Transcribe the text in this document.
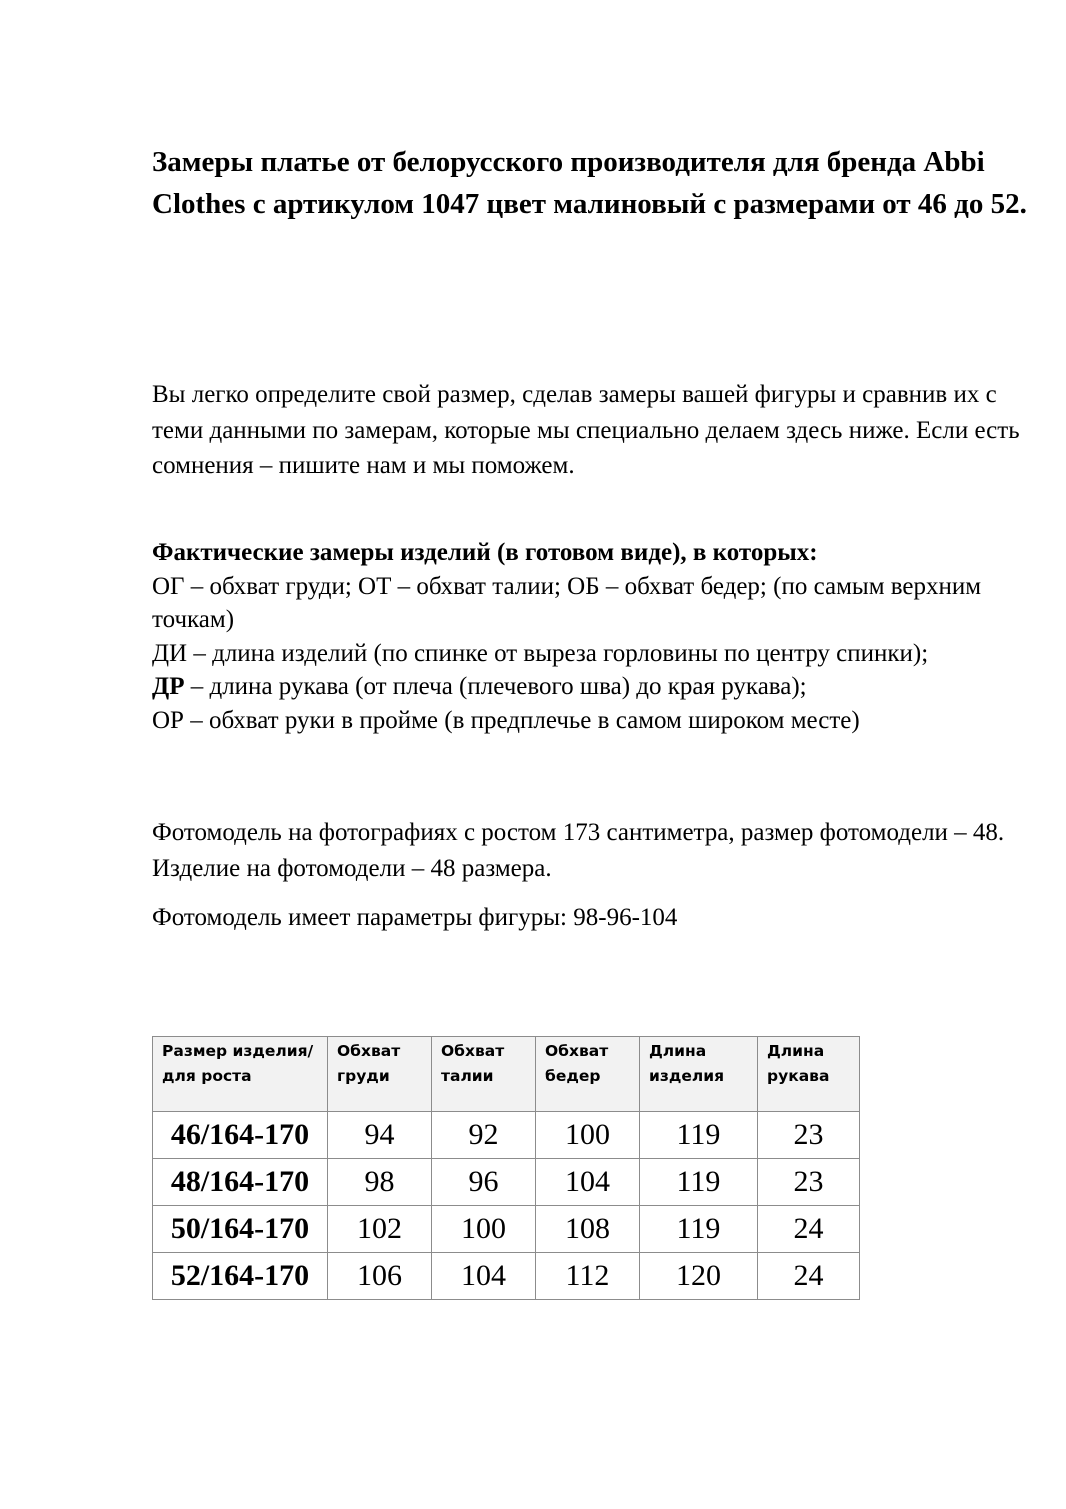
Замеры платье от белорусского производителя для бренда Abbi Clothes с артикулом 1047 цвет малиновый с размерами от 46 до 52.

Вы легко определите свой размер, сделав замеры вашей фигуры и сравнив их с теми данными по замерам, которые мы специально делаем здесь ниже. Если есть сомнения – пишите нам и мы поможем.

Фактические замеры изделий (в готовом виде), в которых:

ОГ – обхват груди; ОТ – обхват талии; ОБ – обхват бедер; (по самым верхним точкам)

ДИ – длина изделий (по спинке от выреза горловины по центру спинки);

ДР – длина рукава (от плеча (плечевого шва) до края рукава);

ОР – обхват руки в пройме (в предплечье в самом широком месте)

Фотомодель на фотографиях с ростом 173 сантиметра, размер фотомодели – 48. Изделие на фотомодели – 48 размера.

Фотомодель имеет параметры фигуры: 98-96-104

Размер изделия/для роста	Обхват груди	Обхват талии	Обхват бедер	Длина изделия	Длина рукава
46/164-170	94	92	100	119	23
48/164-170	98	96	104	119	23
50/164-170	102	100	108	119	24
52/164-170	106	104	112	120	24
